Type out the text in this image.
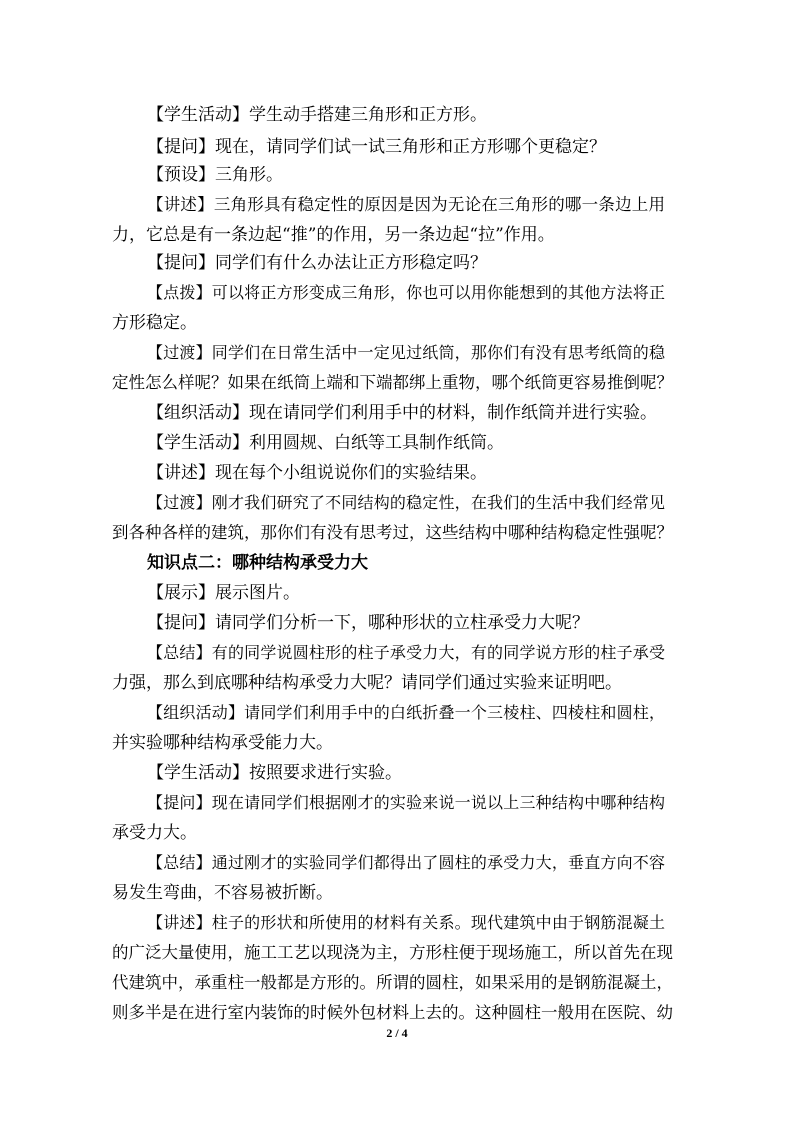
【学生活动】学生动手搭建三角形和正方形。
【提问】现在，请同学们试一试三角形和正方形哪个更稳定？
【预设】三角形。
【讲述】三角形具有稳定性的原因是因为无论在三角形的哪一条边上用
力，它总是有一条边起“推”的作用，另一条边起“拉”作用。
【提问】同学们有什么办法让正方形稳定吗？
【点拨】可以将正方形变成三角形，你也可以用你能想到的其他方法将正
方形稳定。
【过渡】同学们在日常生活中一定见过纸筒，那你们有没有思考纸筒的稳
定性怎么样呢？如果在纸筒上端和下端都绑上重物，哪个纸筒更容易推倒呢？
【组织活动】现在请同学们利用手中的材料，制作纸筒并进行实验。
【学生活动】利用圆规、白纸等工具制作纸筒。
【讲述】现在每个小组说说你们的实验结果。
【过渡】刚才我们研究了不同结构的稳定性，在我们的生活中我们经常见
到各种各样的建筑，那你们有没有思考过，这些结构中哪种结构稳定性强呢？
知识点二：哪种结构承受力大
【展示】展示图片。
【提问】请同学们分析一下，哪种形状的立柱承受力大呢？
【总结】有的同学说圆柱形的柱子承受力大，有的同学说方形的柱子承受
力强，那么到底哪种结构承受力大呢？请同学们通过实验来证明吧。
【组织活动】请同学们利用手中的白纸折叠一个三棱柱、四棱柱和圆柱，
并实验哪种结构承受能力大。
【学生活动】按照要求进行实验。
【提问】现在请同学们根据刚才的实验来说一说以上三种结构中哪种结构
承受力大。
【总结】通过刚才的实验同学们都得出了圆柱的承受力大，垂直方向不容
易发生弯曲，不容易被折断。
【讲述】柱子的形状和所使用的材料有关系。现代建筑中由于钢筋混凝土
的广泛大量使用，施工工艺以现浇为主，方形柱便于现场施工，所以首先在现
代建筑中，承重柱一般都是方形的。所谓的圆柱，如果采用的是钢筋混凝土，
则多半是在进行室内装饰的时候外包材料上去的。这种圆柱一般用在医院、幼
2 / 4
